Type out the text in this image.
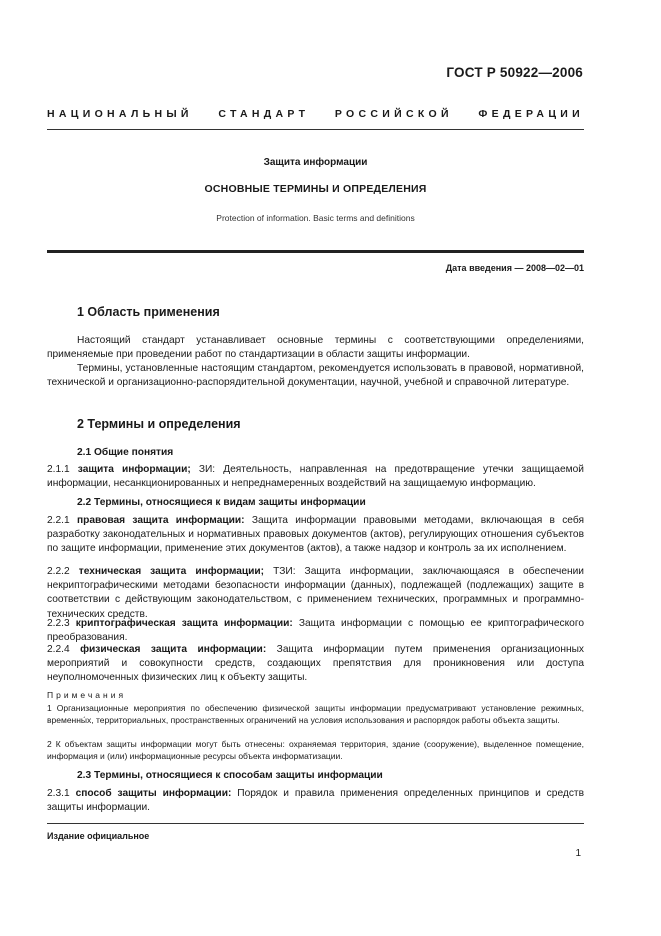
ГОСТ Р 50922—2006
НАЦИОНАЛЬНЫЙ СТАНДАРТ РОССИЙСКОЙ ФЕДЕРАЦИИ
Защита информации
ОСНОВНЫЕ ТЕРМИНЫ И ОПРЕДЕЛЕНИЯ
Protection of information. Basic terms and definitions
Дата введения — 2008—02—01
1 Область применения

Настоящий стандарт устанавливает основные термины с соответствующими определениями, применяемые при проведении работ по стандартизации в области защиты информации.

Термины, установленные настоящим стандартом, рекомендуется использовать в правовой, нормативной, технической и организационно-распорядительной документации, научной, учебной и справочной литературе.

2 Термины и определения
2.1 Общие понятия

2.1.1 защита информации; ЗИ: Деятельность, направленная на предотвращение утечки защищаемой информации, несанкционированных и непреднамеренных воздействий на защищаемую информацию.

2.2 Термины, относящиеся к видам защиты информации

2.2.1 правовая защита информации: Защита информации правовыми методами, включающая в себя разработку законодательных и нормативных правовых документов (актов), регулирующих отношения субъектов по защите информации, применение этих документов (актов), а также надзор и контроль за их исполнением.

2.2.2 техническая защита информации; ТЗИ: Защита информации, заключающаяся в обеспечении некриптографическими методами безопасности информации (данных), подлежащей (подлежащих) защите в соответствии с действующим законодательством, с применением технических, программных и программно-технических средств.

2.2.3 криптографическая защита информации: Защита информации с помощью ее криптографического преобразования.

2.2.4 физическая защита информации: Защита информации путем применения организационных мероприятий и совокупности средств, создающих препятствия для проникновения или доступа неуполномоченных физических лиц к объекту защиты.

Примечания

1 Организационные мероприятия по обеспечению физической защиты информации предусматривают установление режимных, временны́х, территориальных, пространственных ограничений на условия использования и распорядок работы объекта защиты.

2 К объектам защиты информации могут быть отнесены: охраняемая территория, здание (сооружение), выделенное помещение, информация и (или) информационные ресурсы объекта информатизации.

2.3 Термины, относящиеся к способам защиты информации

2.3.1 способ защиты информации: Порядок и правила применения определенных принципов и средств защиты информации.

Издание официальное
1
